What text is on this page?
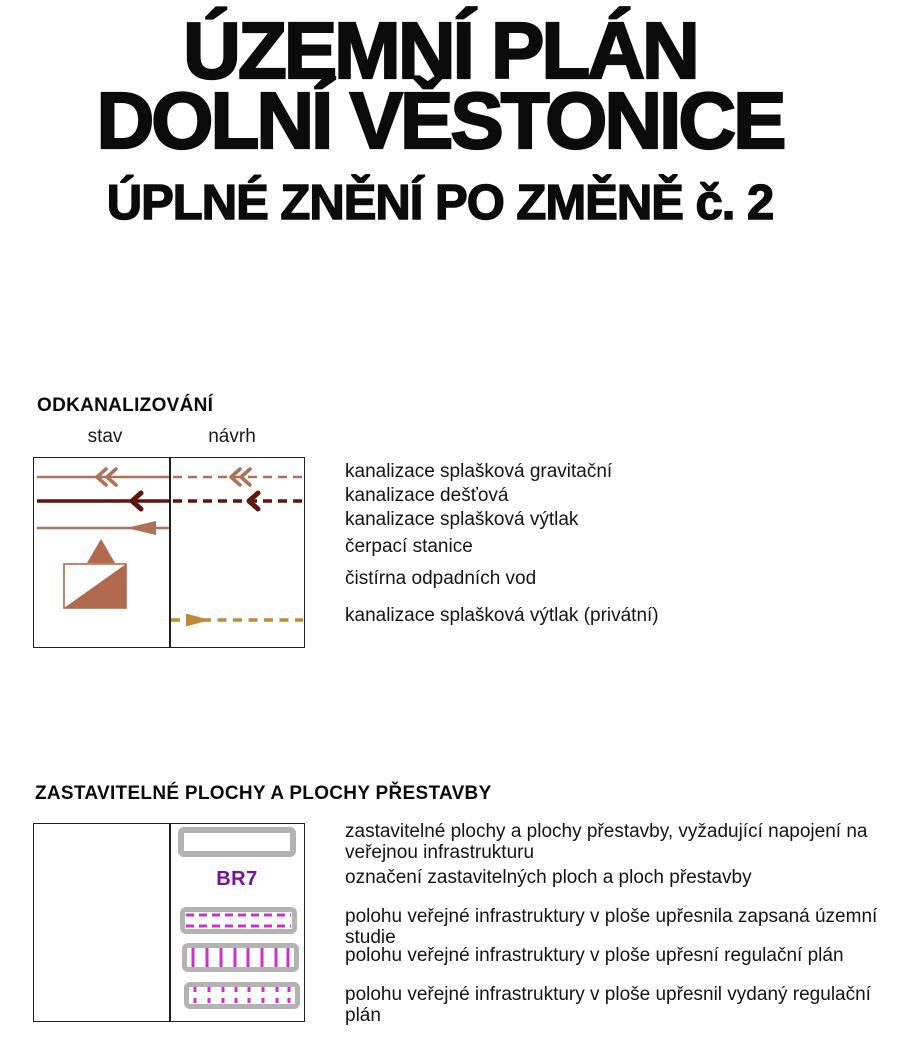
ÚZEMNÍ PLÁN
DOLNÍ VĚSTONICE
ÚPLNÉ ZNĚNÍ PO ZMĚNĚ č. 2
ODKANALIZOVÁNÍ
stav	návrh
kanalizace splašková gravitační
kanalizace dešťová
kanalizace splašková výtlak
čerpací stanice
čistírna odpadních vod
kanalizace splašková výtlak (privátní)
ZASTAVITELNÉ PLOCHY A PLOCHY PŘESTAVBY
BR7
zastavitelné plochy a plochy přestavby, vyžadující napojení na veřejnou infrastrukturu
označení zastavitelných ploch a ploch přestavby
polohu veřejné infrastruktury v ploše upřesnila zapsaná územní studie
polohu veřejné infrastruktury v ploše upřesní regulační plán
polohu veřejné infrastruktury v ploše upřesnil vydaný regulační plán
